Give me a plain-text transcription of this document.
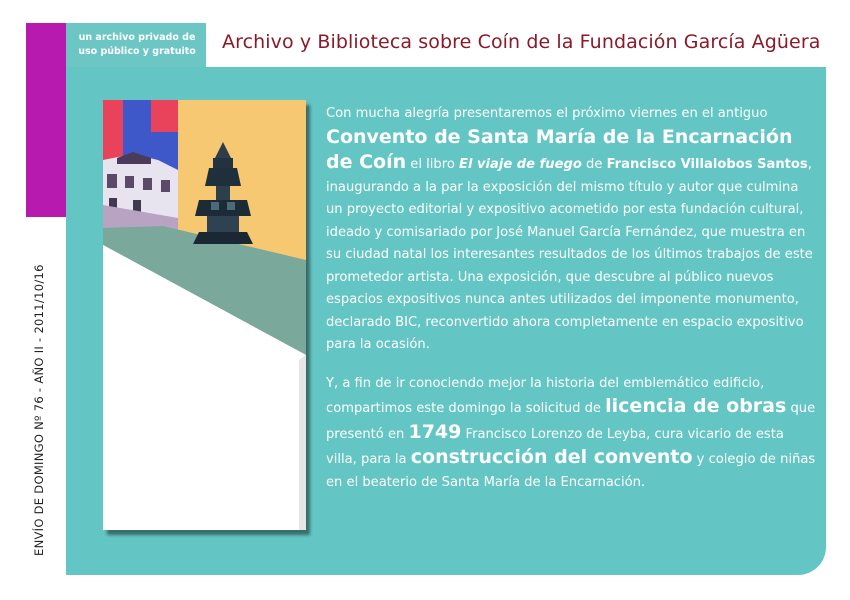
un archivo privado de uso público y gratuito	Archivo y Biblioteca sobre Coín de la Fundación García Agüera
ENVÍO DE DOMINGO Nº 76 - AÑO II - 2011/10/16

Con mucha alegría presentaremos el próximo viernes en el antiguo Convento de Santa María de la Encarnación de Coín el libro El viaje de fuego de Francisco Villalobos Santos, inaugurando a la par la exposición del mismo título y autor que culmina un proyecto editorial y expositivo acometido por esta fundación cultural, ideado y comisariado por José Manuel García Fernández, que muestra en su ciudad natal los interesantes resultados de los últimos trabajos de este prometedor artista. Una exposición, que descubre al público nuevos espacios expositivos nunca antes utilizados del imponente monumento, declarado BIC, reconvertido ahora completamente en espacio expositivo para la ocasión.

Y, a fin de ir conociendo mejor la historia del emblemático edificio, compartimos este domingo la solicitud de licencia de obras que presentó en 1749 Francisco Lorenzo de Leyba, cura vicario de esta villa, para la construcción del convento y colegio de niñas en el beaterio de Santa María de la Encarnación.
